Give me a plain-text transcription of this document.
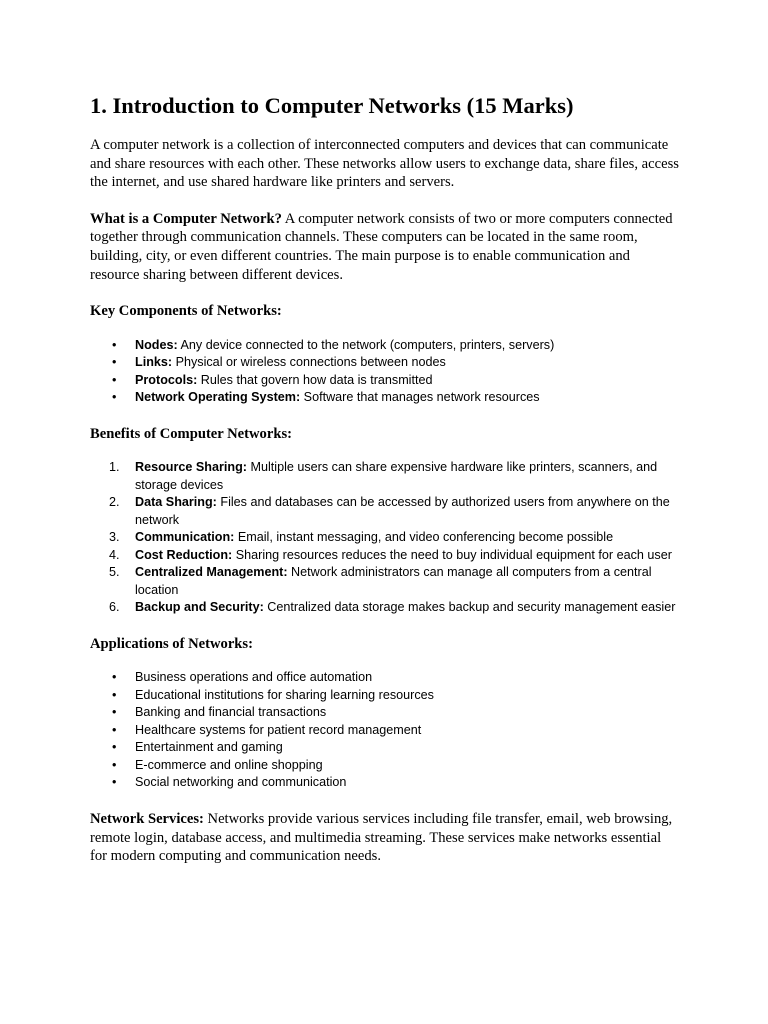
1. Introduction to Computer Networks (15 Marks)

A computer network is a collection of interconnected computers and devices that can communicate and share resources with each other. These networks allow users to exchange data, share files, access the internet, and use shared hardware like printers and servers.

What is a Computer Network? A computer network consists of two or more computers connected together through communication channels. These computers can be located in the same room, building, city, or even different countries. The main purpose is to enable communication and resource sharing between different devices.

Key Components of Networks:
• Nodes: Any device connected to the network (computers, printers, servers)
• Links: Physical or wireless connections between nodes
• Protocols: Rules that govern how data is transmitted
• Network Operating System: Software that manages network resources
Benefits of Computer Networks:
1. Resource Sharing: Multiple users can share expensive hardware like printers, scanners, and storage devices
2. Data Sharing: Files and databases can be accessed by authorized users from anywhere on the network
3. Communication: Email, instant messaging, and video conferencing become possible
4. Cost Reduction: Sharing resources reduces the need to buy individual equipment for each user
5. Centralized Management: Network administrators can manage all computers from a central location
6. Backup and Security: Centralized data storage makes backup and security management easier
Applications of Networks:
• Business operations and office automation
• Educational institutions for sharing learning resources
• Banking and financial transactions
• Healthcare systems for patient record management
• Entertainment and gaming
• E-commerce and online shopping
• Social networking and communication

Network Services: Networks provide various services including file transfer, email, web browsing, remote login, database access, and multimedia streaming. These services make networks essential for modern computing and communication needs.
